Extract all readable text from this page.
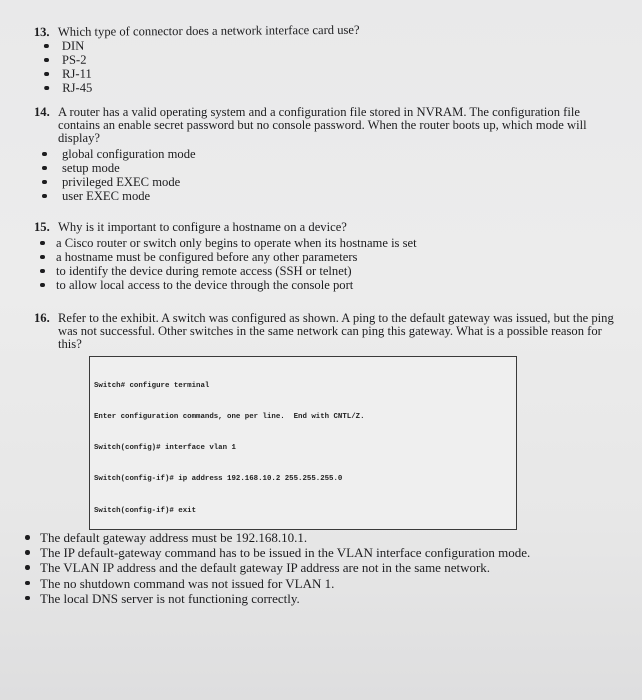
13. Which type of connector does a network interface card use?
DIN
PS-2
RJ-11
RJ-45
14. A router has a valid operating system and a configuration file stored in NVRAM. The configuration file contains an enable secret password but no console password. When the router boots up, which mode will display?
global configuration mode
setup mode
privileged EXEC mode
user EXEC mode
15. Why is it important to configure a hostname on a device?
a Cisco router or switch only begins to operate when its hostname is set
a hostname must be configured before any other parameters
to identify the device during remote access (SSH or telnet)
to allow local access to the device through the console port
16. Refer to the exhibit. A switch was configured as shown. A ping to the default gateway was issued, but the ping was not successful. Other switches in the same network can ping this gateway. What is a possible reason for this?

Switch# configure terminal

Enter configuration commands, one per line.  End with CNTL/Z.

Switch(config)# interface vlan 1

Switch(config-if)# ip address 192.168.10.2 255.255.255.0

Switch(config-if)# exit

The default gateway address must be 192.168.10.1.
The IP default-gateway command has to be issued in the VLAN interface configuration mode.
The VLAN IP address and the default gateway IP address are not in the same network.
The no shutdown command was not issued for VLAN 1.
The local DNS server is not functioning correctly.
